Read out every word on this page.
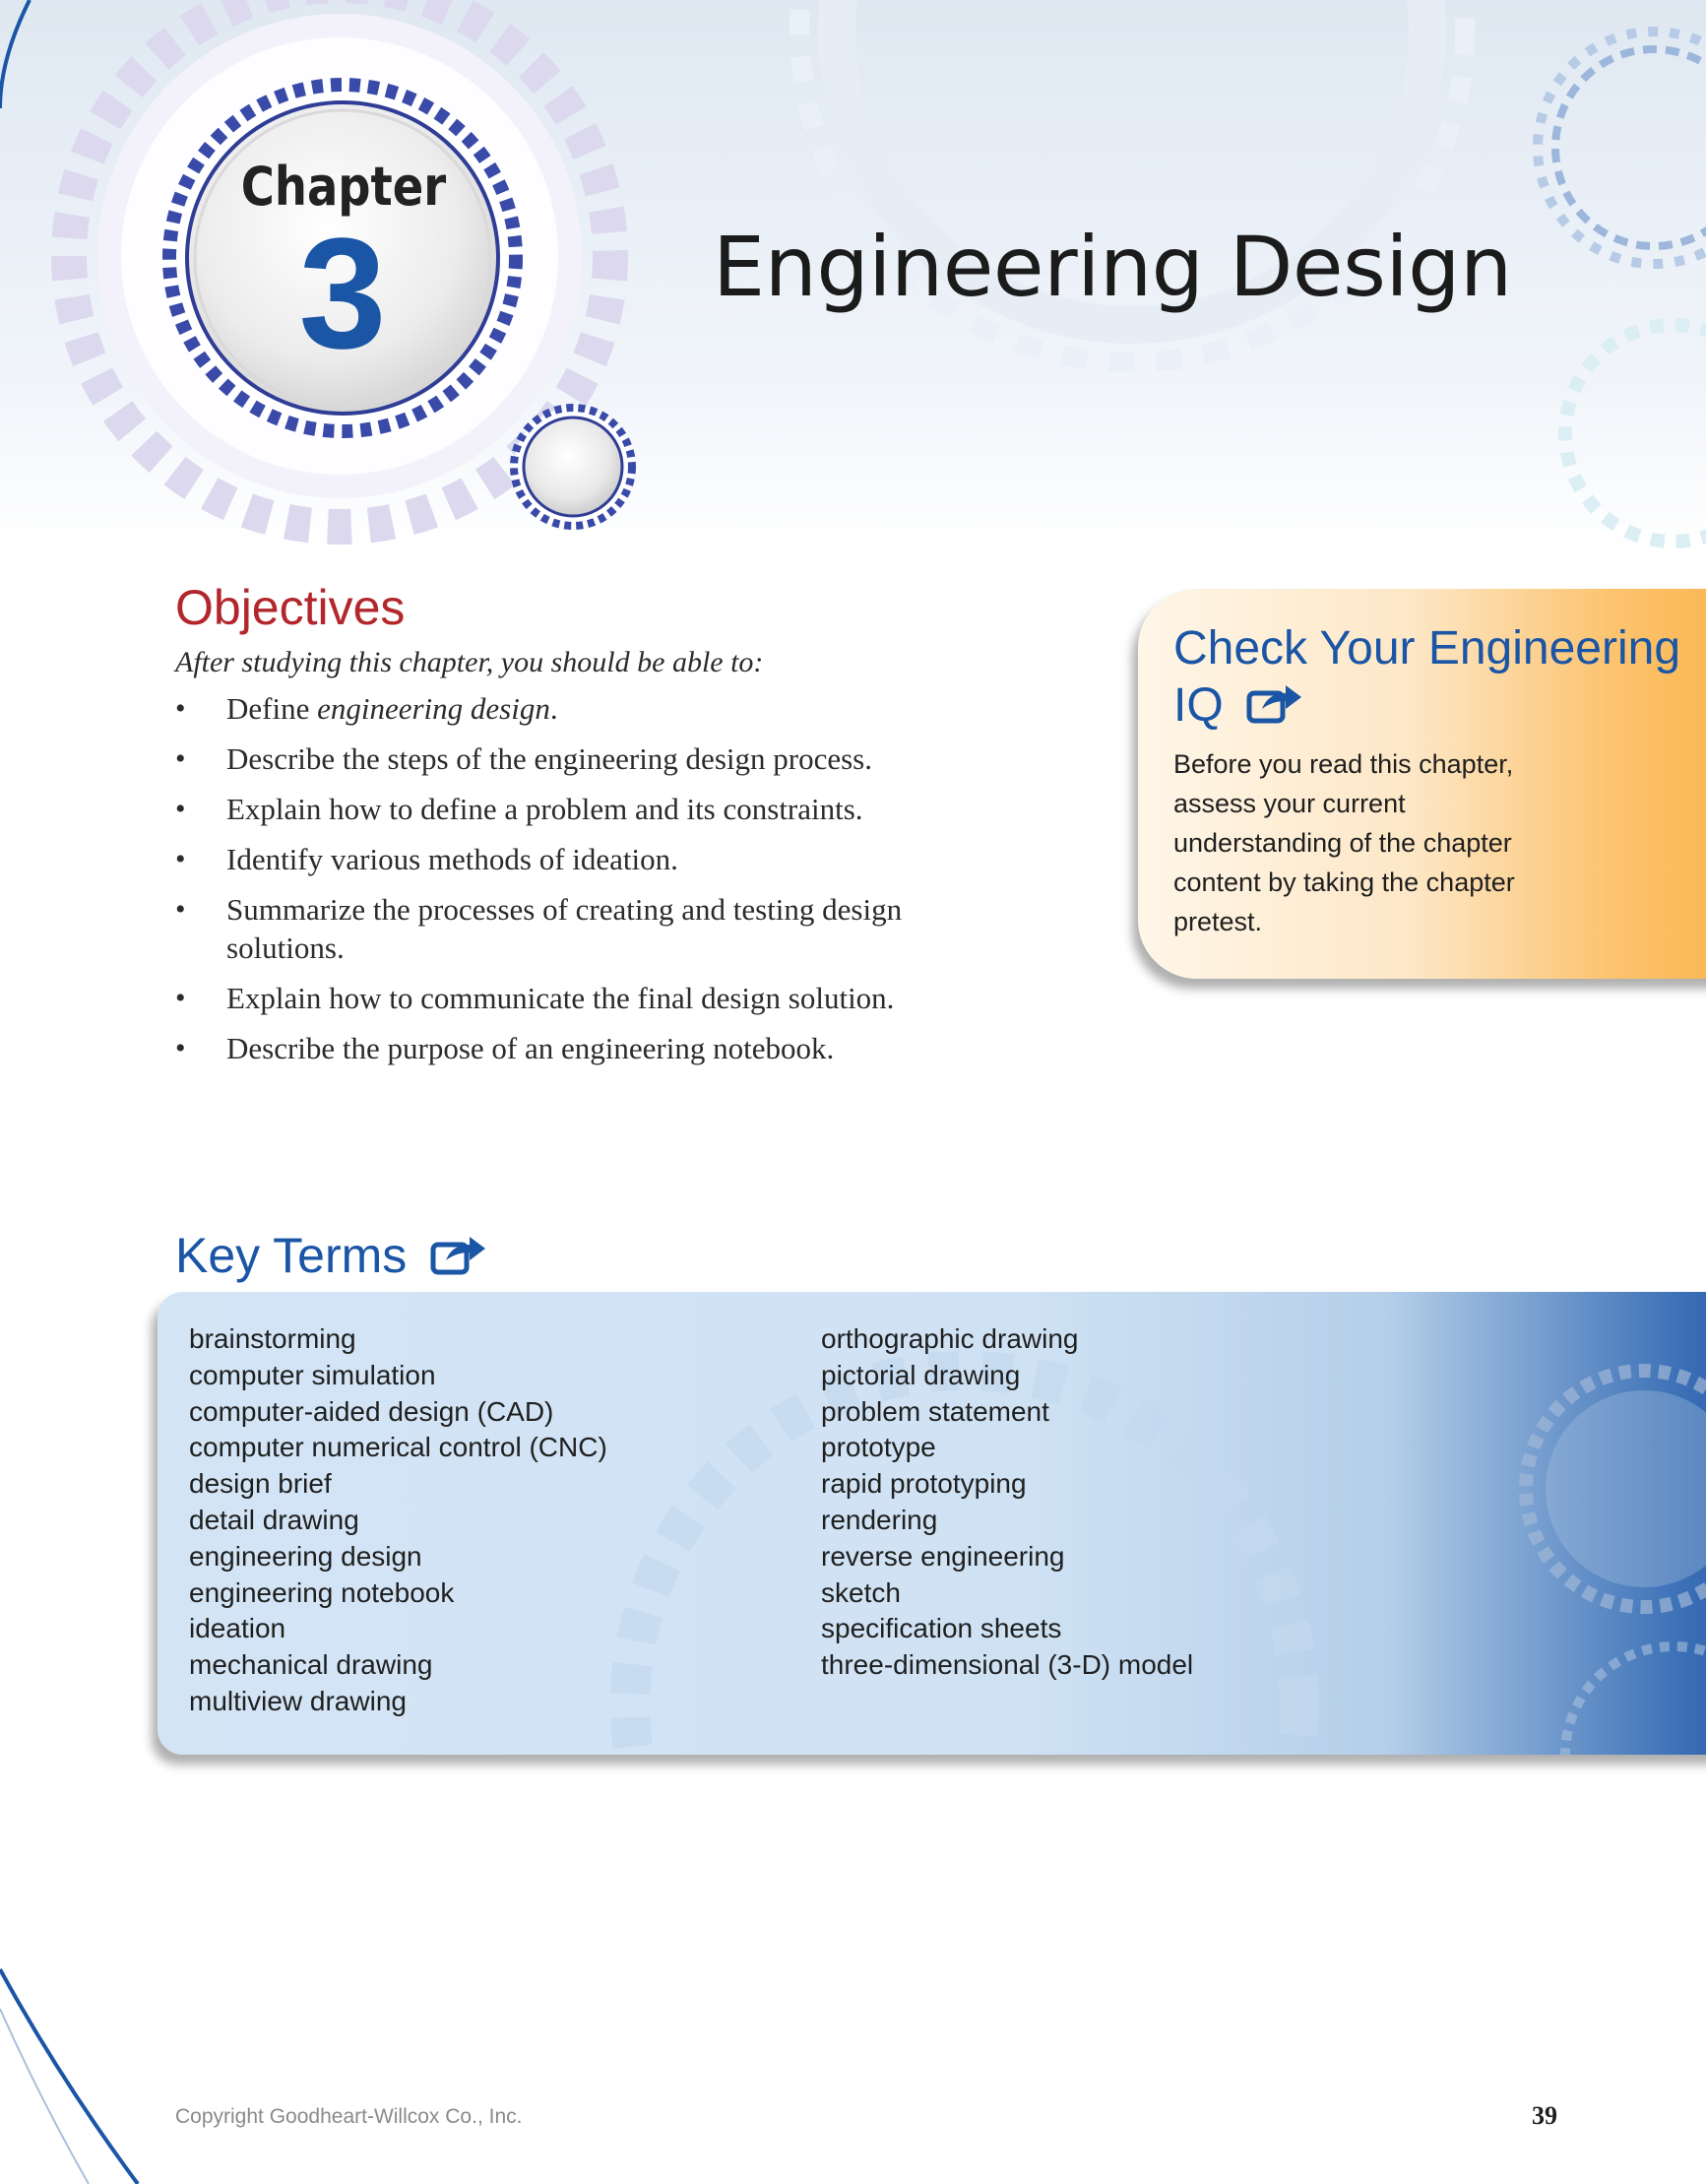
Chapter
3	Engineering Design
Objectives
After studying this chapter, you should be able to:
• Define engineering design.
• Describe the steps of the engineering design process.
• Explain how to define a problem and its constraints.
• Identify various methods of ideation.
• Summarize the processes of creating and testing design solutions.
• Explain how to communicate the final design solution.
• Describe the purpose of an engineering notebook.
Check Your Engineering IQ
Before you read this chapter, assess your current understanding of the chapter content by taking the chapter pretest.
Key Terms
brainstorming
computer simulation
computer-aided design (CAD)
computer numerical control (CNC)
design brief
detail drawing
engineering design
engineering notebook
ideation
mechanical drawing
multiview drawing
orthographic drawing
pictorial drawing
problem statement
prototype
rapid prototyping
rendering
reverse engineering
sketch
specification sheets
three-dimensional (3-D) model
Copyright Goodheart-Willcox Co., Inc.	39
